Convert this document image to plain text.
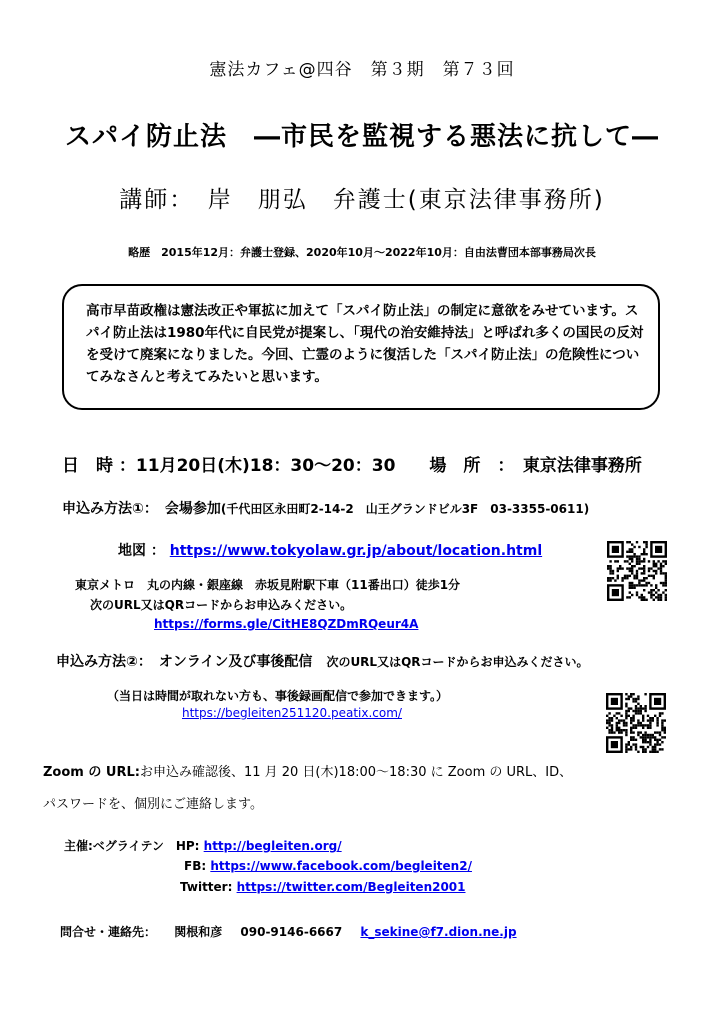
憲法カフェ@四谷　第３期　第７３回
スパイ防止法　―市民を監視する悪法に抗して―
講師：　岸　朋弘　弁護士(東京法律事務所)
略歴　2015年12月：弁護士登録、2020年10月～2022年10月：自由法曹団本部事務局次長

高市早苗政権は憲法改正や軍拡に加えて「スパイ防止法」の制定に意欲をみせています。スパイ防止法は1980年代に自民党が提案し、「現代の治安維持法」と呼ばれ多くの国民の反対を受けて廃案になりました。今回、亡霊のように復活した「スパイ防止法」の危険性についてみなさんと考えてみたいと思います。

日　時 ：11月20日(木)18：30～20：30　　場　所　：　東京法律事務所
申込み方法①：　会場参加(千代田区永田町2-14-2　山王グランドビル3F　03-3355-0611)
地図 ： https://www.tokyolaw.gr.jp/about/location.html
東京メトロ　丸の内線・銀座線　赤坂見附駅下車（11番出口）徒歩1分
次のURL又はQRコードからお申込みください。
https://forms.gle/CitHE8QZDmRQeur4A
申込み方法②：　オンライン及び事後配信　 次のURL又はQRコードからお申込みください。
（当日は時間が取れない方も、事後録画配信で参加できます。）
https://begleiten251120.peatix.com/
Zoom の URL:お申込み確認後、11 月 20 日(木)18:00～18:30 に Zoom の URL、ID、
パスワードを、個別にご連絡します。
主催:ベグライテン　HP: http://begleiten.org/
FB: https://www.facebook.com/begleiten2/
Twitter: https://twitter.com/Begleiten2001
問合せ・連絡先： 関根和彦 090-9146-6667 k_sekine@f7.dion.ne.jp
